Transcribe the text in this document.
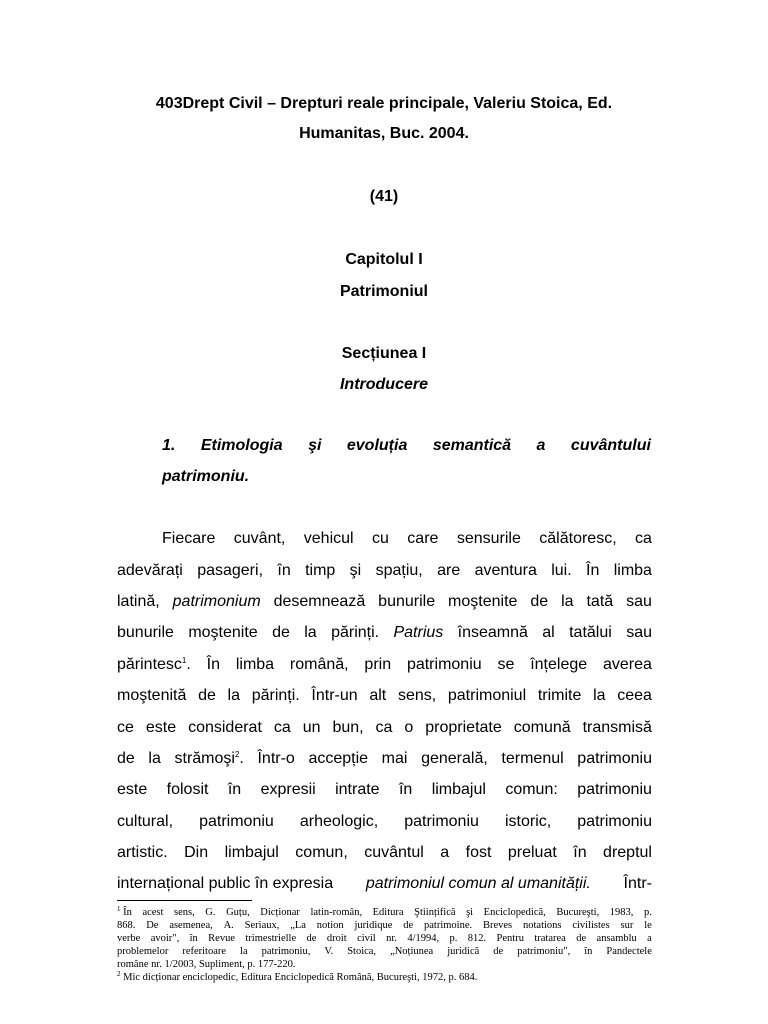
403Drept Civil – Drepturi reale principale, Valeriu Stoica, Ed.
Humanitas, Buc. 2004.
(41)
Capitolul I
Patrimoniul
Secțiunea I
Introducere
1. Etimologia şi evoluția semantică a cuvântului
patrimoniu.
Fiecare cuvânt, vehicul cu care sensurile călătoresc, ca
adevărați pasageri, în timp şi spațiu, are aventura lui. În limba
latină, patrimonium desemnează bunurile moştenite de la tată sau
bunurile moştenite de la părinți. Patrius înseamnă al tatălui sau
părintesc$^1$. În limba română, prin patrimoniu se înțelege averea
moştenită de la părinți. Într-un alt sens, patrimoniul trimite la ceea
ce este considerat ca un bun, ca o proprietate comună transmisă
de la strămoşi$^2$. Într-o accepție mai generală, termenul patrimoniu
este folosit în expresii intrate în limbajul comun: patrimoniu
cultural, patrimoniu arheologic, patrimoniu istoric, patrimoniu
artistic. Din limbajul comun, cuvântul a fost preluat în dreptul
internațional public în expresia patrimoniul comun al umanității. Într-
$^1$ În acest sens, G. Guțu, Dicționar latin-român, Editura Ştiințifică şi Enciclopedică, Bucureşti, 1983, p.
868. De asemenea, A. Seriaux, „La notion juridique de patrimoine. Breves notations civilistes sur le
verbe avoir", în Revue trimestrielle de droit civil nr. 4/1994, p. 812. Pentru tratarea de ansamblu a
problemelor referitoare la patrimoniu, V. Stoica, „Noțiunea juridică de patrimoniu", în Pandectele
române nr. 1/2003, Supliment, p. 177-220.
$^2$ Mic dicționar enciclopedic, Editura Enciclopedică Română, Bucureşti, 1972, p. 684.
